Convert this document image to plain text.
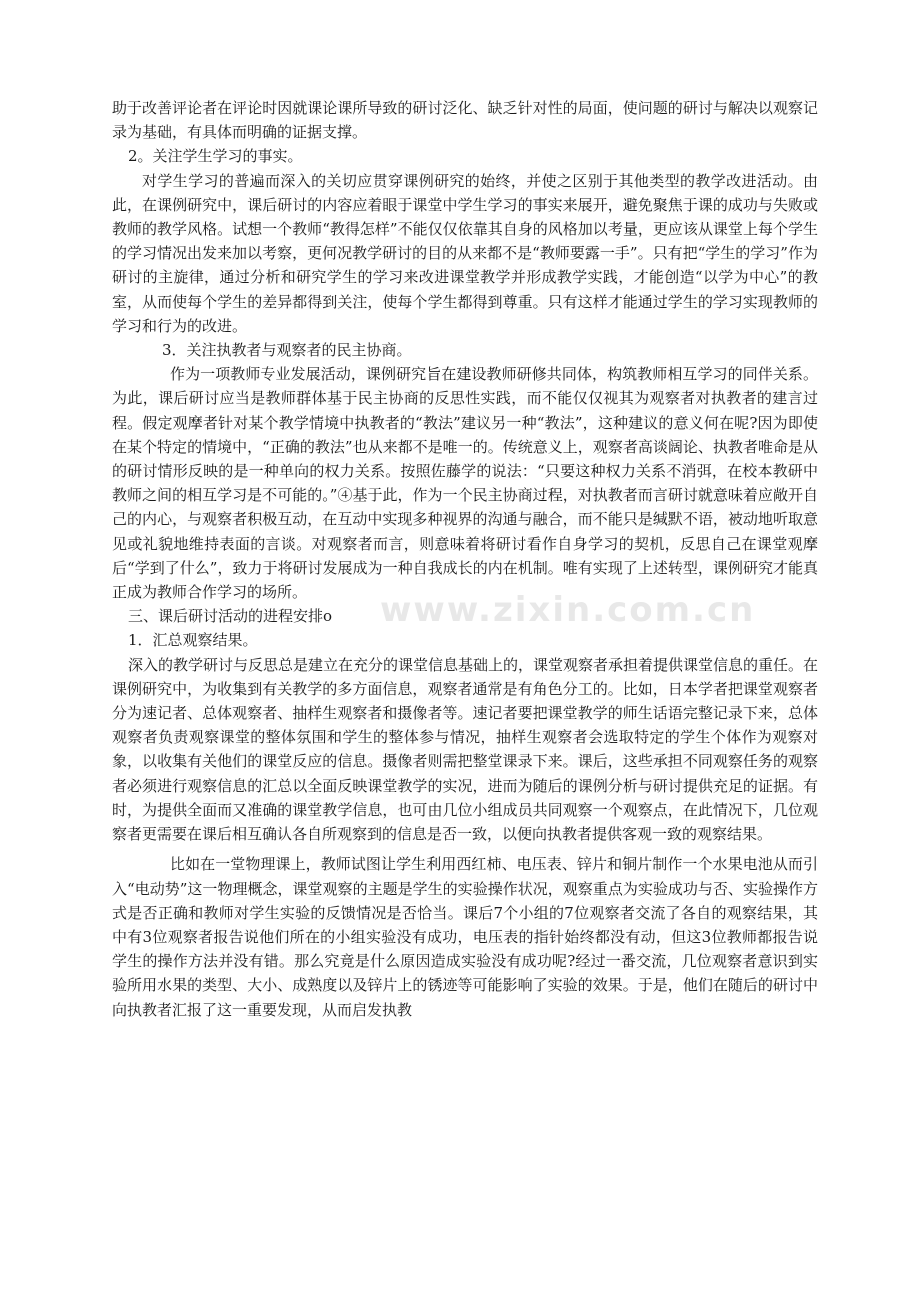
助于改善评论者在评论时因就课论课所导致的研讨泛化、缺乏针对性的局面，使问题的研讨与解决以观察记录为基础，有具体而明确的证据支撑。

2。关注学生学习的事实。

对学生学习的普遍而深入的关切应贯穿课例研究的始终，并使之区别于其他类型的教学改进活动。由此，在课例研究中，课后研讨的内容应着眼于课堂中学生学习的事实来展开，避免聚焦于课的成功与失败或教师的教学风格。试想一个教师“教得怎样”不能仅仅依靠其自身的风格加以考量，更应该从课堂上每个学生的学习情况出发来加以考察，更何况教学研讨的目的从来都不是“教师要露一手”。只有把“学生的学习”作为研讨的主旋律，通过分析和研究学生的学习来改进课堂教学并形成教学实践，才能创造“以学为中心”的教室，从而使每个学生的差异都得到关注，使每个学生都得到尊重。只有这样才能通过学生的学习实现教师的学习和行为的改进。

3．关注执教者与观察者的民主协商。

作为一项教师专业发展活动，课例研究旨在建设教师研修共同体，构筑教师相互学习的同伴关系。为此，课后研讨应当是教师群体基于民主协商的反思性实践，而不能仅仅视其为观察者对执教者的建言过程。假定观摩者针对某个教学情境中执教者的“教法”建议另一种“教法”，这种建议的意义何在呢?因为即使在某个特定的情境中，“正确的教法”也从来都不是唯一的。传统意义上，观察者高谈阔论、执教者唯命是从的研讨情形反映的是一种单向的权力关系。按照佐藤学的说法：“只要这种权力关系不消弭，在校本教研中教师之间的相互学习是不可能的。”④基于此，作为一个民主协商过程，对执教者而言研讨就意味着应敞开自己的内心，与观察者积极互动，在互动中实现多种视界的沟通与融合，而不能只是缄默不语，被动地听取意见或礼貌地维持表面的言谈。对观察者而言，则意味着将研讨看作自身学习的契机，反思自己在课堂观摩后“学到了什么”，致力于将研讨发展成为一种自我成长的内在机制。唯有实现了上述转型，课例研究才能真正成为教师合作学习的场所。

三、课后研讨活动的进程安排ο

1．汇总观察结果。

深入的教学研讨与反思总是建立在充分的课堂信息基础上的，课堂观察者承担着提供课堂信息的重任。在课例研究中，为收集到有关教学的多方面信息，观察者通常是有角色分工的。比如，日本学者把课堂观察者分为速记者、总体观察者、抽样生观察者和摄像者等。速记者要把课堂教学的师生话语完整记录下来，总体观察者负责观察课堂的整体氛围和学生的整体参与情况，抽样生观察者会选取特定的学生个体作为观察对象，以收集有关他们的课堂反应的信息。摄像者则需把整堂课录下来。课后，这些承担不同观察任务的观察者必须进行观察信息的汇总以全面反映课堂教学的实况，进而为随后的课例分析与研讨提供充足的证据。有时，为提供全面而又准确的课堂教学信息，也可由几位小组成员共同观察一个观察点，在此情况下，几位观察者更需要在课后相互确认各自所观察到的信息是否一致，以便向执教者提供客观一致的观察结果。

比如在一堂物理课上，教师试图让学生利用西红柿、电压表、锌片和铜片制作一个水果电池从而引入“电动势”这一物理概念，课堂观察的主题是学生的实验操作状况，观察重点为实验成功与否、实验操作方式是否正确和教师对学生实验的反馈情况是否恰当。课后7个小组的7位观察者交流了各自的观察结果，其中有3位观察者报告说他们所在的小组实验没有成功，电压表的指针始终都没有动，但这3位教师都报告说学生的操作方法并没有错。那么究竟是什么原因造成实验没有成功呢?经过一番交流，几位观察者意识到实验所用水果的类型、大小、成熟度以及锌片上的锈迹等可能影响了实验的效果。于是，他们在随后的研讨中向执教者汇报了这一重要发现，从而启发执教

www.zixin.com.cn
